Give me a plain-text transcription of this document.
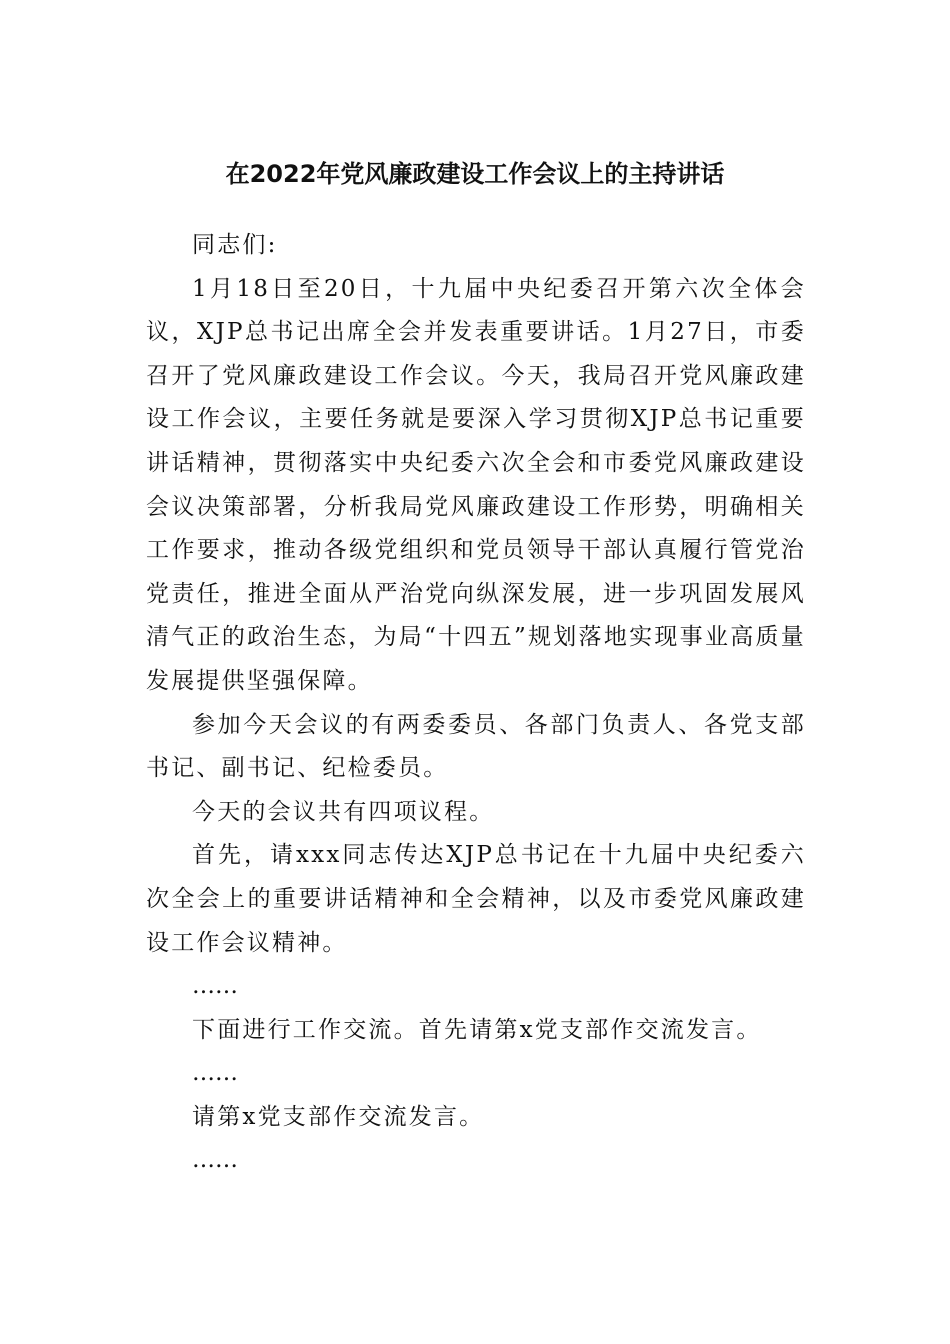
在2022年党风廉政建设工作会议上的主持讲话

同志们:

1月18日至20日，十九届中央纪委召开第六次全体会议，XJP总书记出席全会并发表重要讲话。1月27日，市委召开了党风廉政建设工作会议。今天，我局召开党风廉政建设工作会议，主要任务就是要深入学习贯彻XJP总书记重要讲话精神，贯彻落实中央纪委六次全会和市委党风廉政建设会议决策部署，分析我局党风廉政建设工作形势，明确相关工作要求，推动各级党组织和党员领导干部认真履行管党治党责任，推进全面从严治党向纵深发展，进一步巩固发展风清气正的政治生态，为局“十四五”规划落地实现事业高质量发展提供坚强保障。

参加今天会议的有两委委员、各部门负责人、各党支部书记、副书记、纪检委员。

今天的会议共有四项议程。

首先，请xxx同志传达XJP总书记在十九届中央纪委六次全会上的重要讲话精神和全会精神，以及市委党风廉政建设工作会议精神。

……

下面进行工作交流。首先请第x党支部作交流发言。

……

请第x党支部作交流发言。

……
